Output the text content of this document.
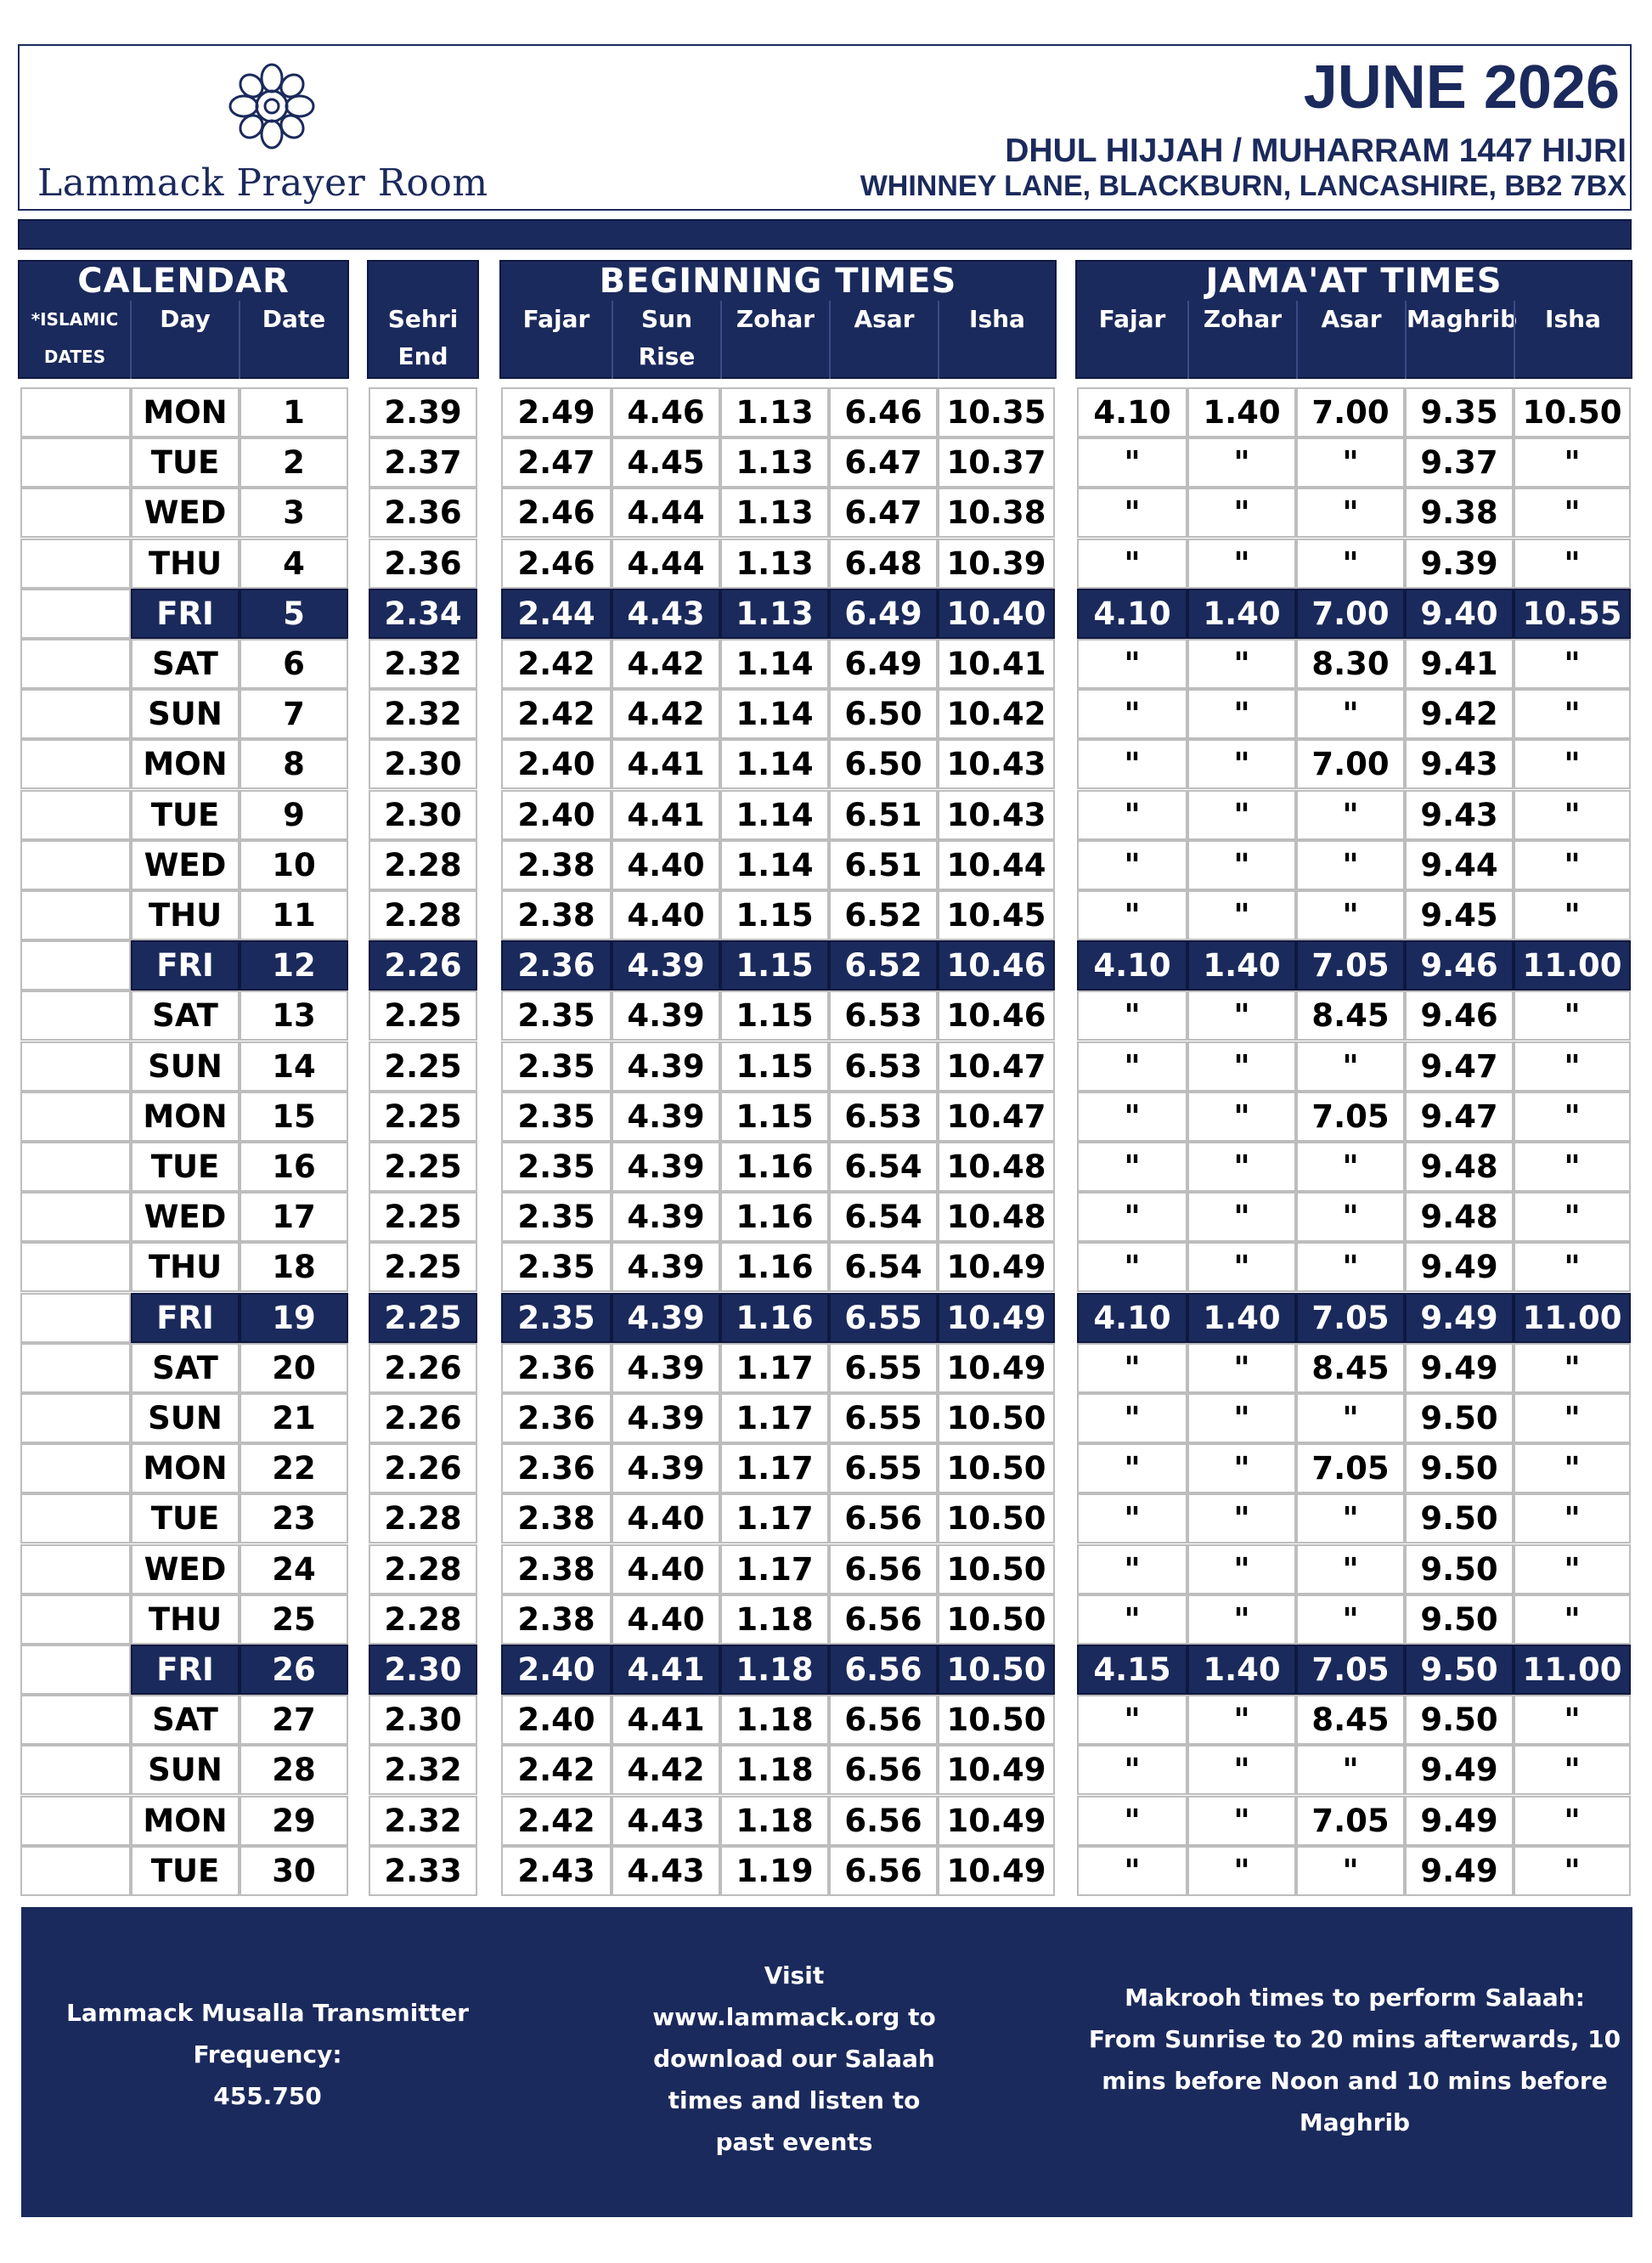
Lammack Prayer Room
JUNE 2026
DHUL HIJJAH / MUHARRAM 1447 HIJRI
WHINNEY LANE, BLACKBURN, LANCASHIRE, BB2 7BX
CALENDAR
*ISLAMIC
DATES
Day	Date	Sehri
End
BEGINNING TIMES
Fajar	Sun
Rise
Zohar	Asar	Isha
JAMA'AT TIMES
Fajar	Zohar	Asar	Maghrib	Isha
MON	1	2.39	2.49	4.46 1.13 6.46 10.35	4.10	1.40 7.00 9.35 10.50
TUE	2	2.37	2.47	4.45 1.13 6.47 10.37	"	"	"	9.37	"
WED	3	2.36	2.46	4.44 1.13 6.47 10.38	"	"	"	9.38	"
THU	4	2.36	2.46	4.44 1.13 6.48 10.39	"	"	"	9.39	"
FRI	5	2.34	2.44	4.43 1.13 6.49 10.40	4.10	1.40 7.00 9.40 10.55
SAT	6	2.32	2.42	4.42 1.14 6.49 10.41	"	"	8.30 9.41	"
SUN	7	2.32	2.42	4.42 1.14 6.50 10.42	"	"	"	9.42	"
MON	8	2.30	2.40	4.41 1.14 6.50 10.43	"	"	7.00 9.43	"
TUE	9	2.30	2.40	4.41 1.14 6.51 10.43	"	"	"	9.43	"
WED	10	2.28	2.38	4.40 1.14 6.51 10.44	"	"	"	9.44	"
THU	11	2.28	2.38	4.40 1.15 6.52 10.45	"	"	"	9.45	"
FRI	12	2.26	2.36	4.39 1.15 6.52 10.46	4.10	1.40 7.05 9.46 11.00
SAT	13	2.25	2.35	4.39 1.15 6.53 10.46	"	"	8.45 9.46	"
SUN	14	2.25	2.35	4.39 1.15 6.53 10.47	"	"	"	9.47	"
MON	15	2.25	2.35	4.39 1.15 6.53 10.47	"	"	7.05 9.47	"
TUE	16	2.25	2.35	4.39 1.16 6.54 10.48	"	"	"	9.48	"
WED	17	2.25	2.35	4.39 1.16 6.54 10.48	"	"	"	9.48	"
THU	18	2.25	2.35	4.39 1.16 6.54 10.49	"	"	"	9.49	"
FRI	19	2.25	2.35	4.39 1.16 6.55 10.49	4.10	1.40 7.05 9.49 11.00
SAT	20	2.26	2.36	4.39 1.17 6.55 10.49	"	"	8.45 9.49	"
SUN	21	2.26	2.36	4.39 1.17 6.55 10.50	"	"	"	9.50	"
MON	22	2.26	2.36	4.39 1.17 6.55 10.50	"	"	7.05 9.50	"
TUE	23	2.28	2.38	4.40 1.17 6.56 10.50	"	"	"	9.50	"
WED	24	2.28	2.38	4.40 1.17 6.56 10.50	"	"	"	9.50	"
THU	25	2.28	2.38	4.40 1.18 6.56 10.50	"	"	"	9.50	"
FRI	26	2.30	2.40	4.41 1.18 6.56 10.50	4.15	1.40 7.05 9.50 11.00
SAT	27	2.30	2.40	4.41 1.18 6.56 10.50	"	"	8.45 9.50	"
SUN	28	2.32	2.42	4.42 1.18 6.56 10.49	"	"	"	9.49	"
MON	29	2.32	2.42	4.43 1.18 6.56 10.49	"	"	7.05 9.49	"
TUE	30	2.33	2.43	4.43 1.19 6.56 10.49	"	"	"	9.49	"
Lammack Musalla Transmitter
Frequency:
455.750
Visit
www.lammack.org to
download our Salaah
times and listen to
past events
Makrooh times to perform Salaah:
From Sunrise to 20 mins afterwards, 10
mins before Noon and 10 mins before
Maghrib
